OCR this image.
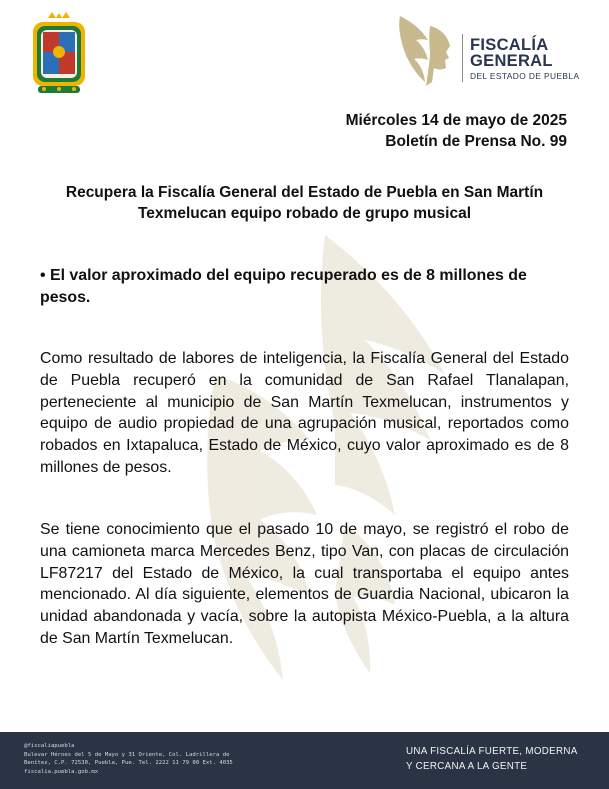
FISCALÍA
GENERAL
DEL ESTADO DE PUEBLA
Miércoles 14 de mayo de 2025
Boletín de Prensa No. 99
Recupera la Fiscalía General del Estado de Puebla en San Martín Texmelucan equipo robado de grupo musical
• El valor aproximado del equipo recuperado es de 8 millones de pesos.

Como resultado de labores de inteligencia, la Fiscalía General del Estado de Puebla recuperó en la comunidad de San Rafael Tlanalapan, perteneciente al municipio de San Martín Texmelucan, instrumentos y equipo de audio propiedad de una agrupación musical, reportados como robados en Ixtapaluca, Estado de México, cuyo valor aproximado es de 8 millones de pesos.

Se tiene conocimiento que el pasado 10 de mayo, se registró el robo de una camioneta marca Mercedes Benz, tipo Van, con placas de circulación LF87217 del Estado de México, la cual transportaba el equipo antes mencionado. Al día siguiente, elementos de Guardia Nacional, ubicaron la unidad abandonada y vacía, sobre la autopista México-Puebla, a la altura de San Martín Texmelucan.

@fiscaliapuebla
Bulevar Héroes del 5 de Mayo y 31 Oriente, Col. Ladrillera de
Benítez, C.P. 72530, Puebla, Pue. Tel. 2222 11 79 00 Ext. 4035
fiscalia.puebla.gob.mx
UNA FISCALÍA FUERTE, MODERNA
Y CERCANA A LA GENTE
